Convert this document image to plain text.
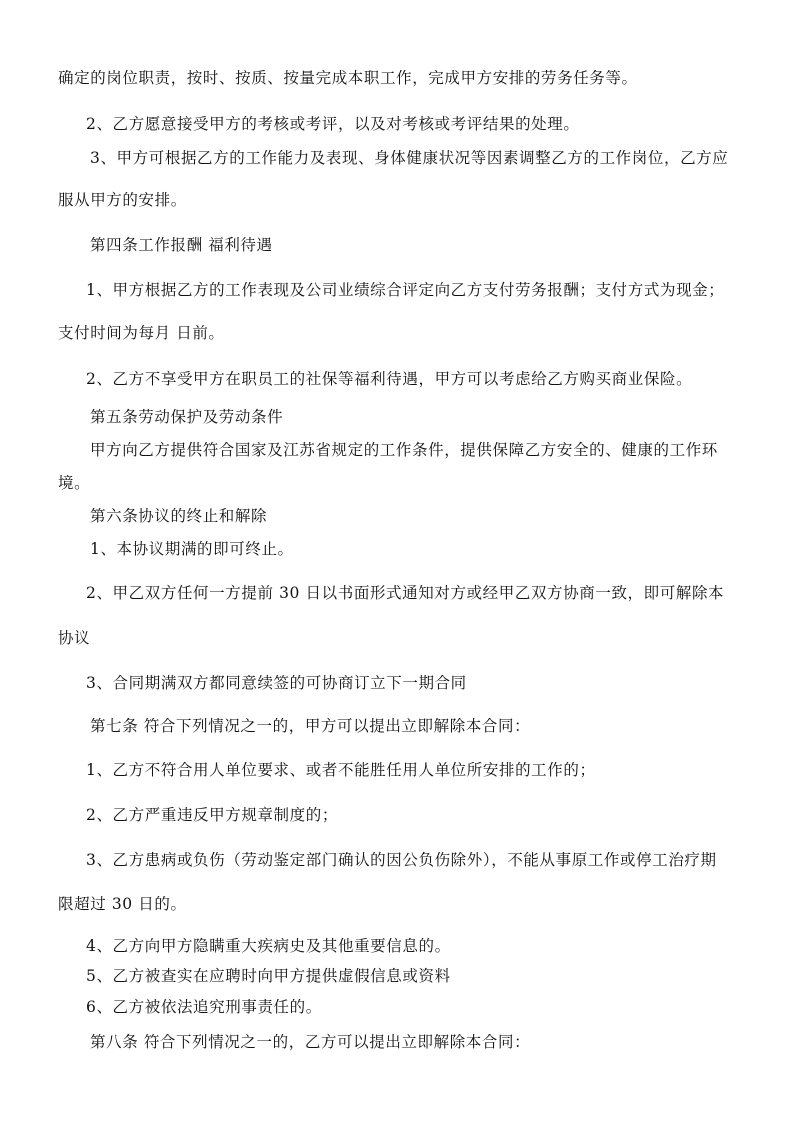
确定的岗位职责，按时、按质、按量完成本职工作，完成甲方安排的劳务任务等。
2、乙方愿意接受甲方的考核或考评，以及对考核或考评结果的处理。
3、甲方可根据乙方的工作能力及表现、身体健康状况等因素调整乙方的工作岗位，乙方应
服从甲方的安排。
第四条工作报酬 福利待遇
1、甲方根据乙方的工作表现及公司业绩综合评定向乙方支付劳务报酬；支付方式为现金；
支付时间为每月 日前。
2、乙方不享受甲方在职员工的社保等福利待遇，甲方可以考虑给乙方购买商业保险。
第五条劳动保护及劳动条件
甲方向乙方提供符合国家及江苏省规定的工作条件，提供保障乙方安全的、健康的工作环
境。
第六条协议的终止和解除
1、本协议期满的即可终止。
2、甲乙双方任何一方提前 30 日以书面形式通知对方或经甲乙双方协商一致，即可解除本
协议
3、合同期满双方都同意续签的可协商订立下一期合同
第七条 符合下列情况之一的，甲方可以提出立即解除本合同：
1、乙方不符合用人单位要求、或者不能胜任用人单位所安排的工作的；
2、乙方严重违反甲方规章制度的；
3、乙方患病或负伤（劳动鉴定部门确认的因公负伤除外），不能从事原工作或停工治疗期
限超过 30 日的。
4、乙方向甲方隐瞒重大疾病史及其他重要信息的。
5、乙方被查实在应聘时向甲方提供虚假信息或资料
6、乙方被依法追究刑事责任的。
第八条 符合下列情况之一的，乙方可以提出立即解除本合同：
